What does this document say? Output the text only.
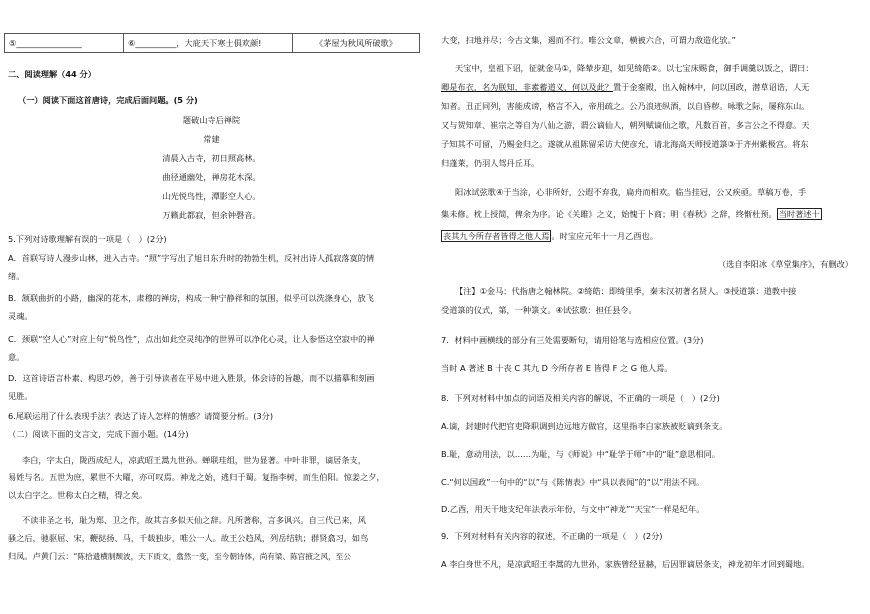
⑤________________	⑥__________，大庇天下寒士俱欢颜!	《茅屋为秋风所破歌》
二、阅读理解（44 分）
（一）阅读下面这首唐诗，完成后面问题。(5 分)
题破山寺后禅院
常建
清晨入古寺，初日照高林。
曲径通幽处，禅房花木深。
山光悦鸟性，潭影空人心。
万籁此都寂，但余钟磬音。
5.下列对诗歌理解有误的一项是（　）(2分)
A．首联写诗人漫步山林，进入古寺。“照”字写出了旭日东升时的勃勃生机，反衬出诗人孤寂落寞的情
绪。
B．颔联曲折的小路，幽深的花木，肃穆的禅房，构成一种宁静祥和的氛围，似乎可以洗涤身心，放飞
灵魂。
C．颈联“空人心”对应上句“悦鸟性”，点出如此空灵纯净的世界可以净化心灵，让人参悟这空寂中的禅
意。
D．这首诗语言朴素、构思巧妙，善于引导读者在平易中进入胜景，体会诗的旨趣，而不以描摹和刻画
见胜。
6.尾联运用了什么表现手法？表达了诗人怎样的情感？请简要分析。(3分)
（二）阅读下面的文言文，完成下面小题。(14分)
李白，字太白，陇西成纪人，凉武昭王暠九世孙。蝉联珪组，世为显著。中叶非罪，谪居条支，
易姓与名。五世为庶，累世不大曜，亦可叹焉。神龙之始，逃归于蜀。复指李树，而生伯阳。惊姜之夕，
以太白字之。世称太白之精，得之矣。
不读非圣之书，耻为郑、卫之作，故其言多似天仙之辞。凡所著称，言多讽兴。自三代已来，风
骚之后，驰驱屈、宋，鞭挞扬、马，千载独步，唯公一人。故王公趋风，列岳结轨；群贤翕习，如鸟
归凤。卢黄门云：“陈拾遗横制颓波，天下质文，翕然一变，至今朝诗体，尚有梁、陈宫掖之风，至公
大变，扫地并尽；今古文集，遏而不行。唯公文章，横被六合，可谓力敌造化欤。”
天宝中，皇祖下诏，征就金马①，降辇步迎，如见绮皓②。以七宝床赐食，御手调羹以饭之，谓曰：
卿是布衣，名为朕知，非素蓄道义，何以及此？置于金銮殿，出入翰林中，问以国政，潜草诏诰，人无
知者。丑正同列，害能成谤，格言不入，帝用疏之。公乃浪迹纵酒，以自昏秽。咏歌之际，屡称东山。
又与贺知章、崔宗之等自为八仙之游，谓公谪仙人，朝列赋谪仙之歌，凡数百首，多言公之不得意。天
子知其不可留，乃赐金归之。遂就从祖陈留采访大使彦允，请北海高天师授道箓③于齐州紫极宫。将东
归蓬莱，仍羽人驾丹丘耳。
阳冰试弦歌④于当涂，心非所好，公遐不弃我，扁舟而相欢。临当挂冠，公又疾亟。草稿万卷，手
集未修。枕上授简，俾余为序。论《关雎》之义，始愧于卜商；明《春秋》之辞，终惭杜预。 当时著述十
丧其九今所存者皆得之他人焉 。时宝应元年十一月乙酉也。
（选自李阳冰《草堂集序》，有删改）
【注】①金马：代指唐之翰林院。②绮皓：即绮里季，秦末汉初著名贤人。③授道箓：道教中接
受道箓的仪式，第，一种箓文。④试弦歌：担任县令。
7．材料中画横线的部分有三处需要断句，请用铅笔与选相应位置。(3分)
当时 A 著述 B 十丧 C 其九 D 今所存者 E 皆得 F 之 G 他人焉。
8．下列对材料中加点的词语及相关内容的解说，不正确的一项是（　）(2分)
A.谪，封建时代把官吏降职调到边远地方做官，这里指李白家族被贬谪到条支。
B.耻，意动用法，以……为耻，与《师说》中“耻学于师”中的“耻”意思相同。
C.“何以国政”一句中的“以”与《陈情表》中“具以表闻”的“以”用法不同。
D.乙酉，用天干地支纪年法表示年份，与文中“神龙”“天宝”一样是纪年。
9．下列对材料有关内容的叙述，不正确的一项是（　）(2分)
A 李白身世不凡，是凉武昭王李暠的九世孙，家族曾经显赫，后因罪谪居条支，神龙初年才回到蜀地。
